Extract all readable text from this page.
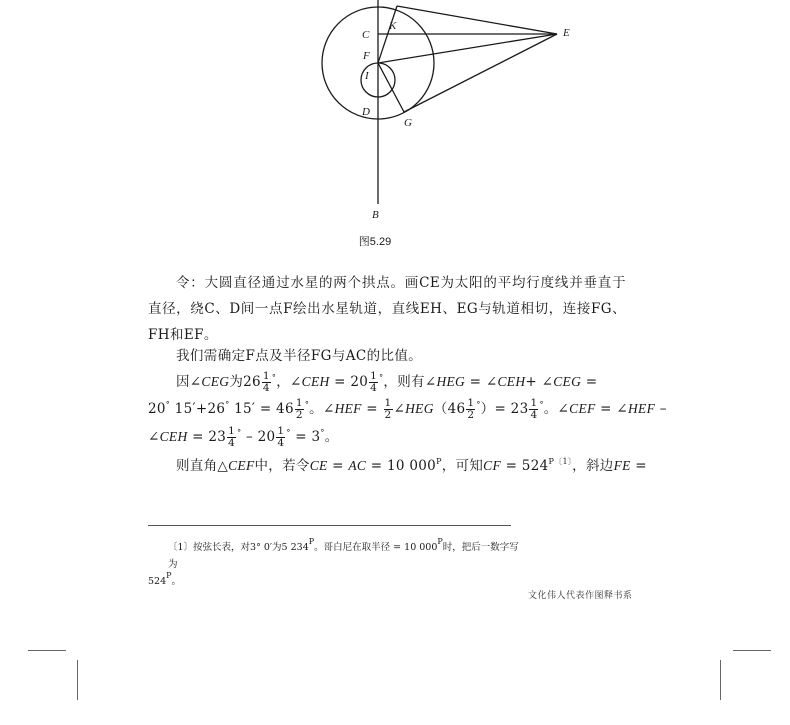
K
C	E
F
I
D
G
B
图5.29

令：大圆直径通过水星的两个拱点。画CE为太阳的平均行度线并垂直于直径，绕C、D间一点F绘出水星轨道，直线EH、EG与轨道相切，连接FG、FH和EF。

我们需确定F点及半径FG与AC的比值。

因∠CEG为$26 \frac{1}{4} ^\circ$，∠CEH = $20 \frac{1}{4} ^\circ$，则有∠HEG = ∠CEH+ ∠CEG =
20° 15′+26° $15' = 46 \frac{1}{2} ^\circ$。∠HEF = $\frac{1}{2}$ ∠HEG（46 $\frac{1}{2} ^\circ)= 23 \frac{1}{4} ^\circ$。∠CEF = ∠HEF –
∠CEH = $23 \frac{1}{4} ^\circ - 20 \frac{1}{4} ^\circ = 3^\circ$。
则直角△CEF中，若令CE = AC = 10 $000^P$，可知CF = $524^{P〔1〕}$，斜边FE =
〔1〕按弦长表，对3° 0′为5 $234^P$。哥白尼在取半径 = 10 $000^P$时，把后一数字写为
$524^P$。
文化伟人代表作图释书系
